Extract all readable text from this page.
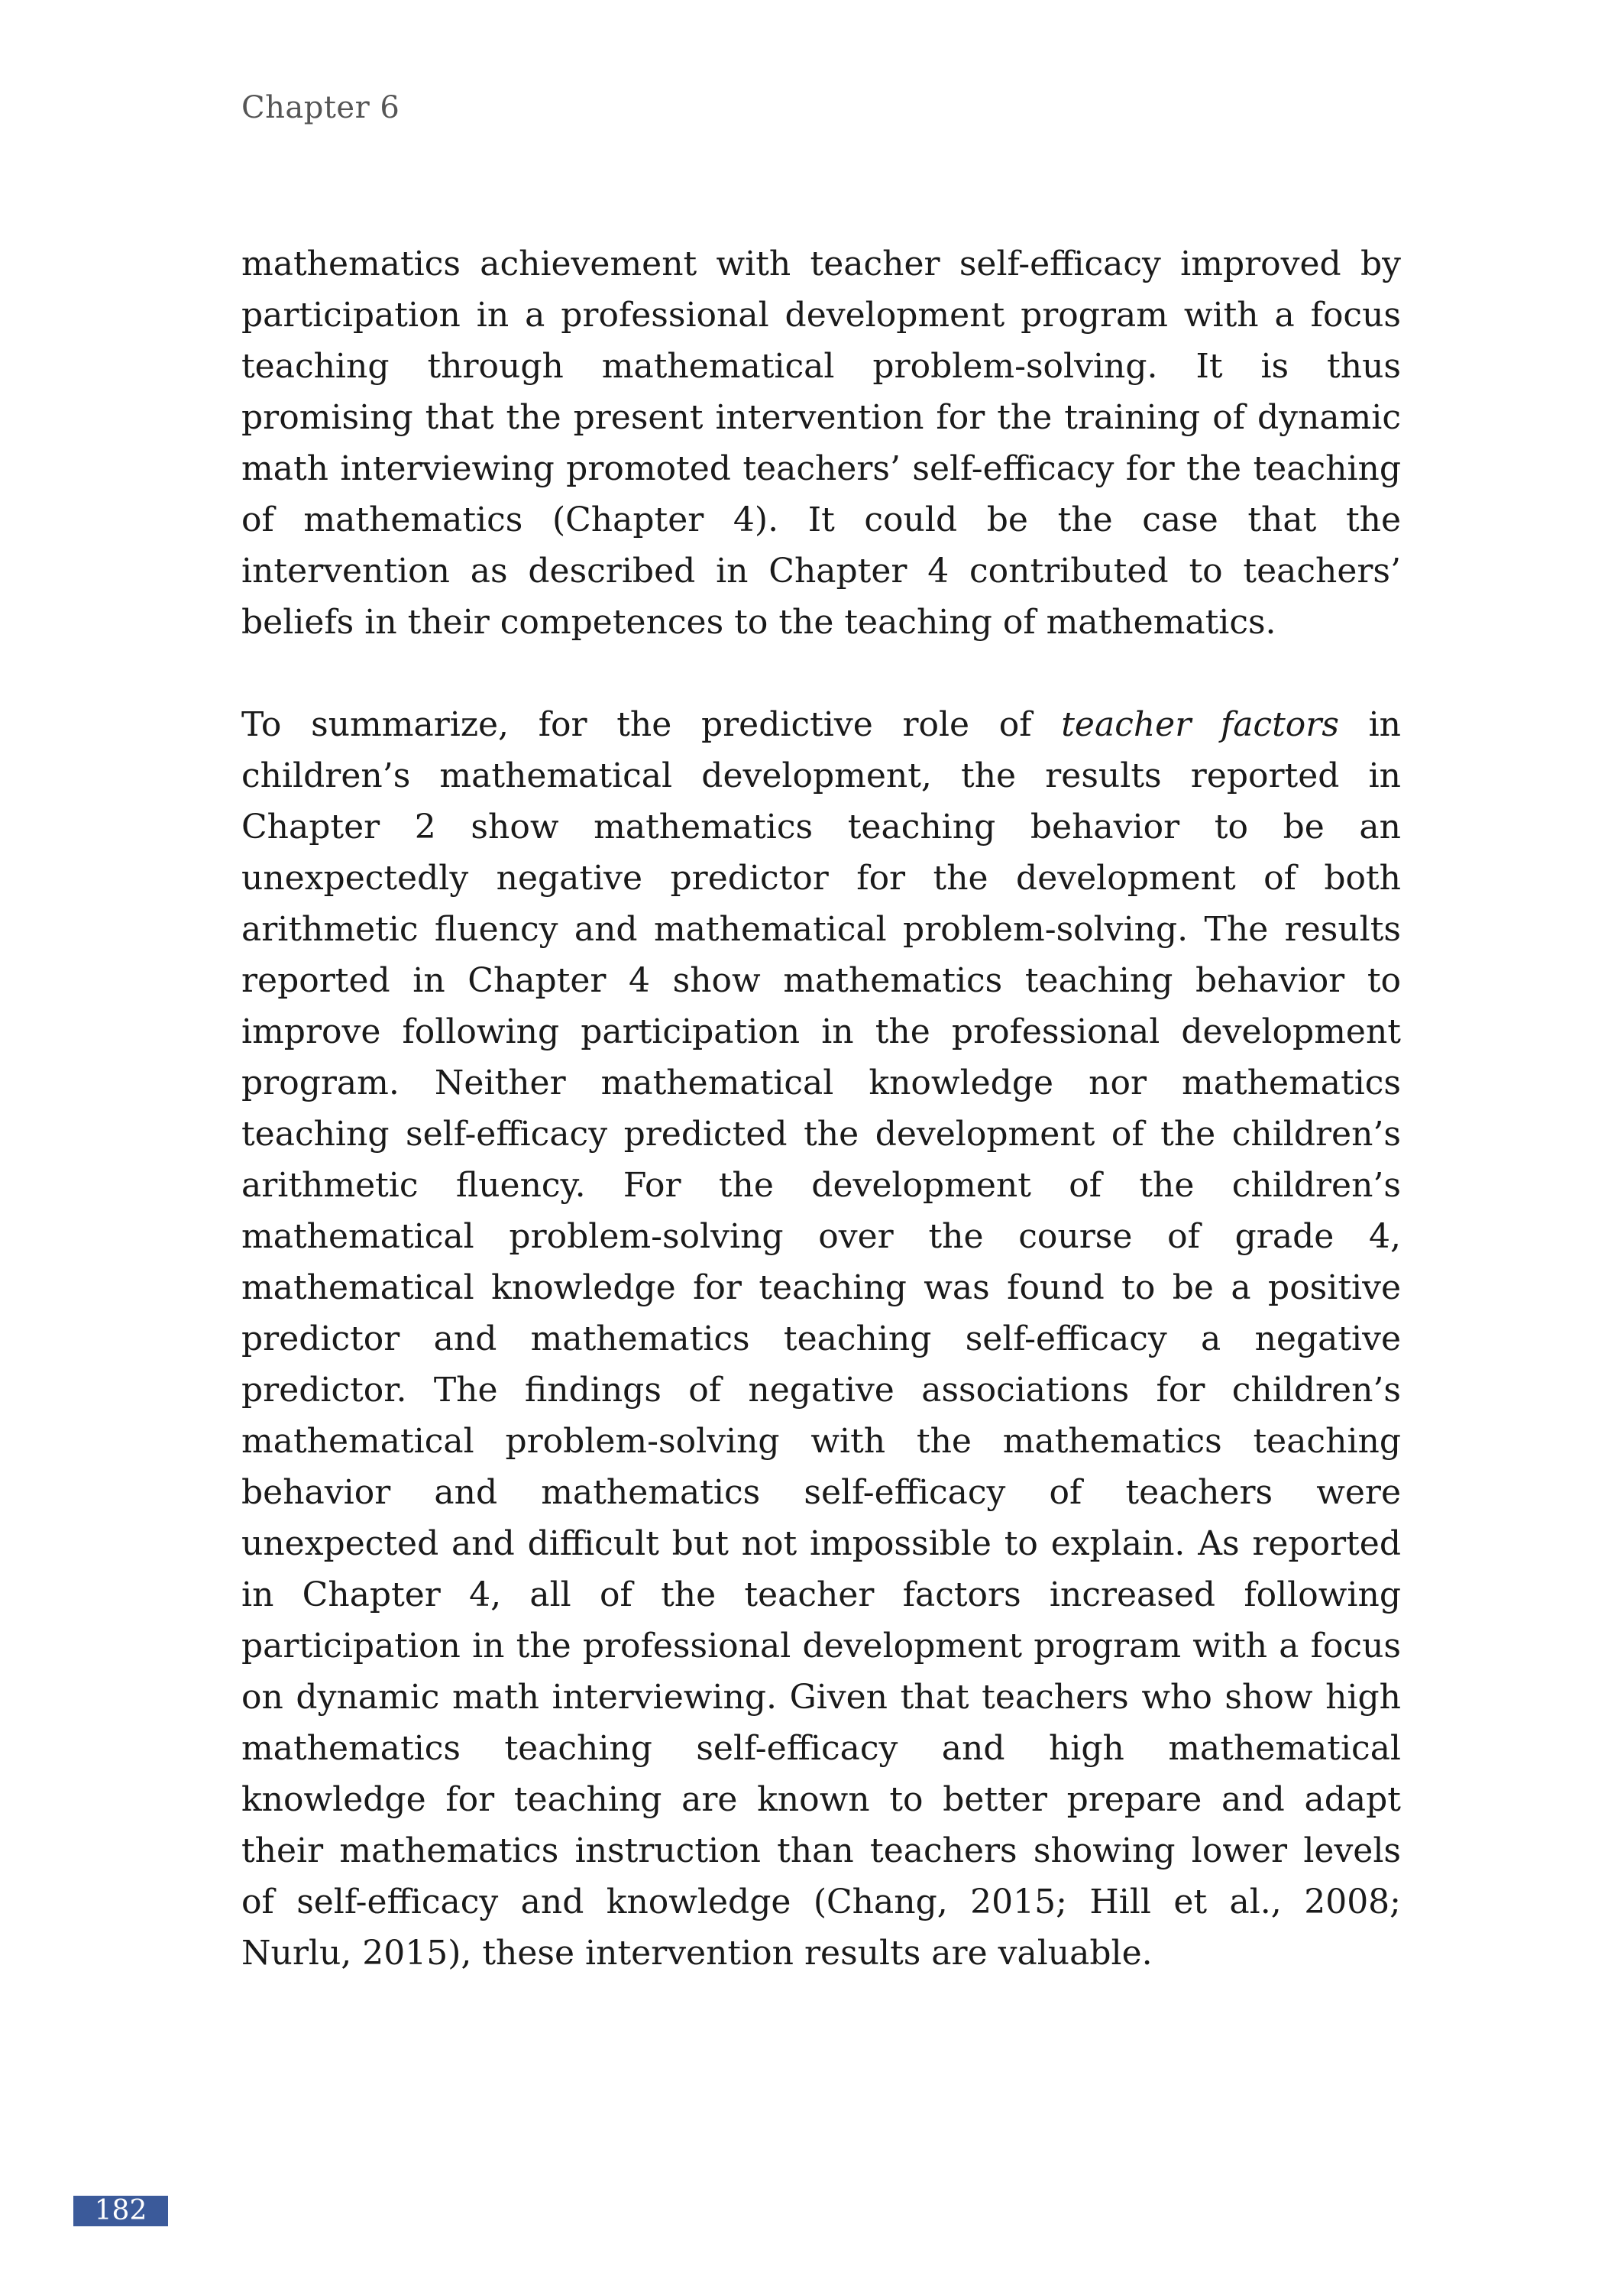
Chapter 6

mathematics achievement with teacher self-efficacy improved by participation in a professional development program with a focus teaching through mathematical problem-solving. It is thus promising that the present intervention for the training of dynamic math interviewing promoted teachers’ self-efficacy for the teaching of mathematics (Chapter 4). It could be the case that the intervention as described in Chapter 4 contributed to teachers’ beliefs in their competences to the teaching of mathematics.

To summarize, for the predictive role of teacher factors in children’s mathematical development, the results reported in Chapter 2 show mathematics teaching behavior to be an unexpectedly negative predictor for the development of both arithmetic fluency and mathematical problem-solving. The results reported in Chapter 4 show mathematics teaching behavior to improve following participation in the professional development program. Neither mathematical knowledge nor mathematics teaching self-efficacy predicted the development of the children’s arithmetic fluency. For the development of the children’s mathematical problem-solving over the course of grade 4, mathematical knowledge for teaching was found to be a positive predictor and mathematics teaching self-efficacy a negative predictor. The findings of negative associations for children’s mathematical problem-solving with the mathematics teaching behavior and mathematics self-efficacy of teachers were unexpected and difficult but not impossible to explain. As reported in Chapter 4, all of the teacher factors increased following participation in the professional development program with a focus on dynamic math interviewing. Given that teachers who show high mathematics teaching self-efficacy and high mathematical knowledge for teaching are known to better prepare and adapt their mathematics instruction than teachers showing lower levels of self-efficacy and knowledge (Chang, 2015; Hill et al., 2008; Nurlu, 2015), these intervention results are valuable.

182
